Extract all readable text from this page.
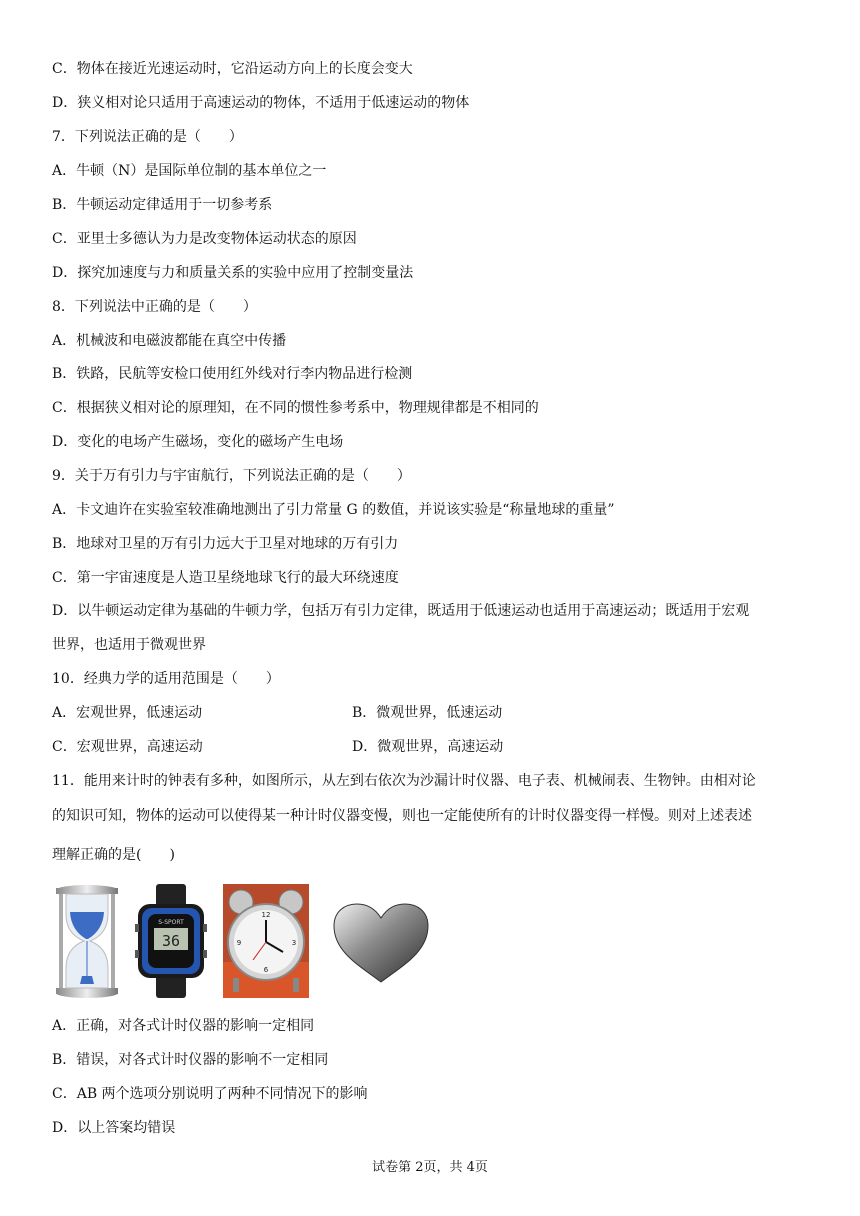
C．物体在接近光速运动时，它沿运动方向上的长度会变大
D．狭义相对论只适用于高速运动的物体，不适用于低速运动的物体
7．下列说法正确的是（　　）
A．牛顿（N）是国际单位制的基本单位之一
B．牛顿运动定律适用于一切参考系
C．亚里士多德认为力是改变物体运动状态的原因
D．探究加速度与力和质量关系的实验中应用了控制变量法
8．下列说法中正确的是（　　）
A．机械波和电磁波都能在真空中传播
B．铁路，民航等安检口使用红外线对行李内物品进行检测
C．根据狭义相对论的原理知，在不同的惯性参考系中，物理规律都是不相同的
D．变化的电场产生磁场，变化的磁场产生电场
9．关于万有引力与宇宙航行，下列说法正确的是（　　）
A．卡文迪许在实验室较准确地测出了引力常量 G 的数值，并说该实验是“称量地球的重量”
B．地球对卫星的万有引力远大于卫星对地球的万有引力
C．第一宇宙速度是人造卫星绕地球飞行的最大环绕速度
D．以牛顿运动定律为基础的牛顿力学，包括万有引力定律，既适用于低速运动也适用于高速运动；既适用于宏观
世界，也适用于微观世界
10．经典力学的适用范围是（　　）
A．宏观世界，低速运动	B．微观世界，低速运动
C．宏观世界，高速运动	D．微观世界，高速运动
11．能用来计时的钟表有多种，如图所示，从左到右依次为沙漏计时仪器、电子表、机械闹表、生物钟。由相对论
的知识可知，物体的运动可以使得某一种计时仪器变慢，则也一定能使所有的计时仪器变得一样慢。则对上述表述
理解正确的是(　　)
S-SPORT
36
12
3
6
9
A．正确，对各式计时仪器的影响一定相同
B．错误，对各式计时仪器的影响不一定相同
C．AB 两个选项分别说明了两种不同情况下的影响
D．以上答案均错误
试卷第 2页，共 4页
